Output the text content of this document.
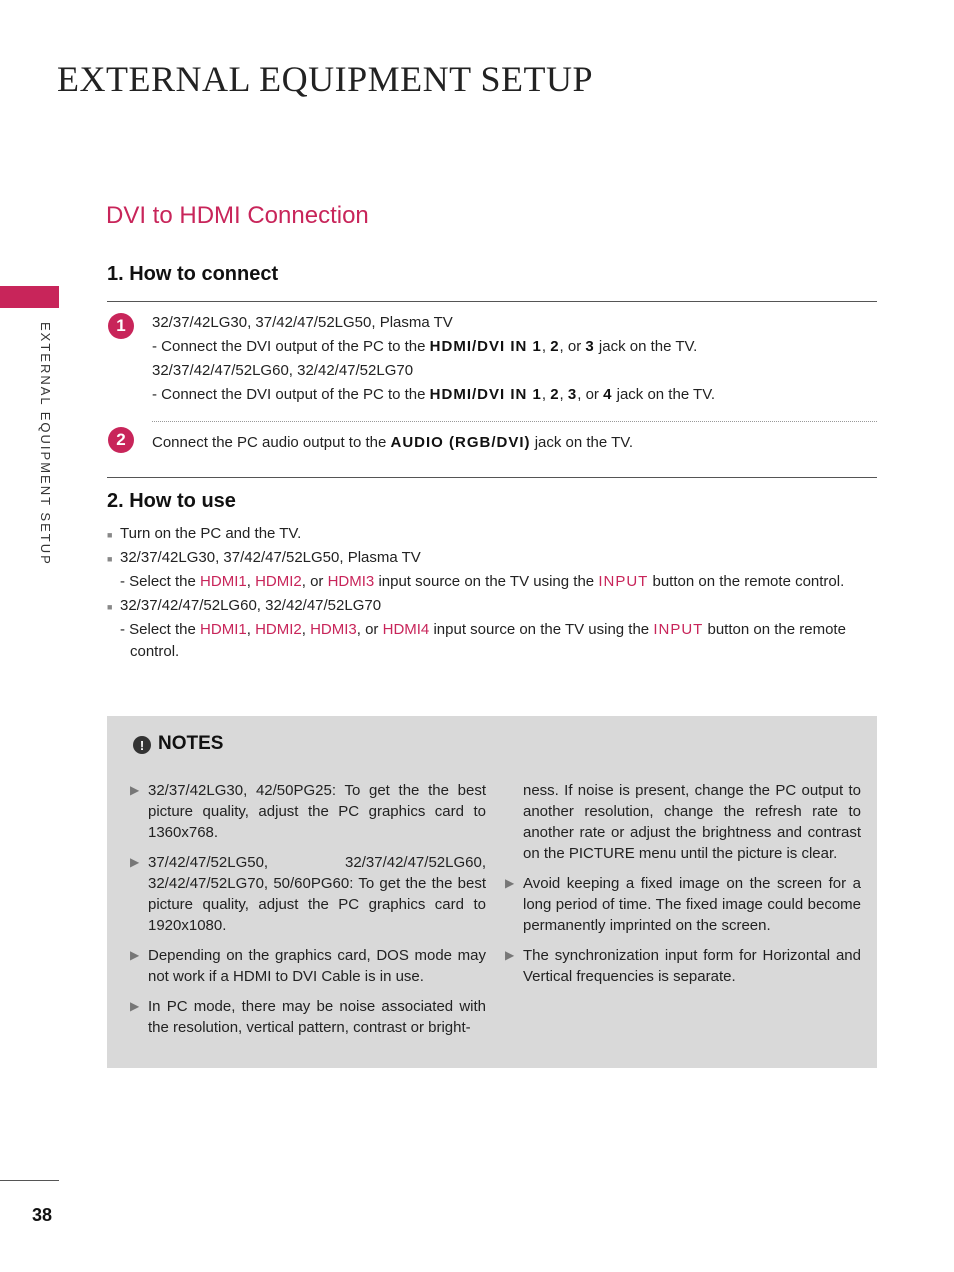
EXTERNAL EQUIPMENT SETUP
EXTERNAL EQUIPMENT SETUP
DVI to HDMI Connection
1. How to connect
1	32/37/42LG30, 37/42/47/52LG50, Plasma TV
- Connect the DVI output of the PC to the HDMI/DVI IN 1, 2, or 3 jack on the TV.
32/37/42/47/52LG60, 32/42/47/52LG70
- Connect the DVI output of the PC to the HDMI/DVI IN 1, 2, 3, or 4 jack on the TV.
2	Connect the PC audio output to the AUDIO (RGB/DVI) jack on the TV.
2. How to use
■ Turn on the PC and the TV.
■ 32/37/42LG30, 37/42/47/52LG50, Plasma TV
- Select the HDMI1, HDMI2, or HDMI3 input source on the TV using the INPUT button on the remote control.
■ 32/37/42/47/52LG60, 32/42/47/52LG70
- Select the HDMI1, HDMI2, HDMI3, or HDMI4 input source on the TV using the INPUT button on the remote
control.
! NOTES
▶ 32/37/42LG30, 42/50PG25: To get the the best picture quality, adjust the PC graphics card to 1360x768.
▶ 37/42/47/52LG50, 32/37/42/47/52LG60, 32/42/47/52LG70, 50/60PG60: To get the the best picture quality, adjust the PC graphics card to 1920x1080.
▶ Depending on the graphics card, DOS mode may not work if a HDMI to DVI Cable is in use.
▶ In PC mode, there may be noise associated with the resolution, vertical pattern, contrast or bright-
ness. If noise is present, change the PC output to another resolution, change the refresh rate to another rate or adjust the brightness and contrast on the PICTURE menu until the picture is clear.
▶ Avoid keeping a fixed image on the screen for a long period of time. The fixed image could become permanently imprinted on the screen.
▶ The synchronization input form for Horizontal and Vertical frequencies is separate.
38
